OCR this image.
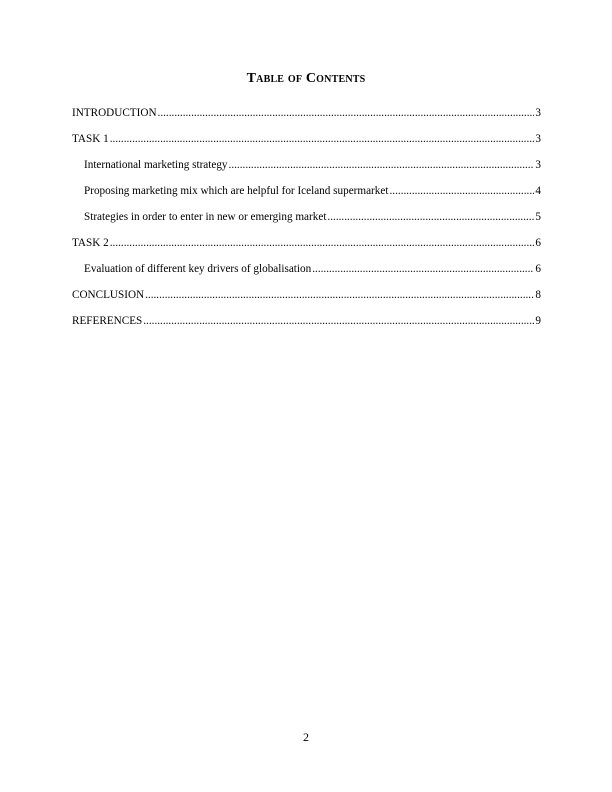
Table of Contents
INTRODUCTION .....	3
TASK 1 .....	3
International marketing strategy .....	3
Proposing marketing mix which are helpful for Iceland supermarket .....	4
Strategies in order to enter in new or emerging market .....	5
TASK 2 .....	6
Evaluation of different key drivers of globalisation .....	6
CONCLUSION .....	8
REFERENCES .....	9
2
